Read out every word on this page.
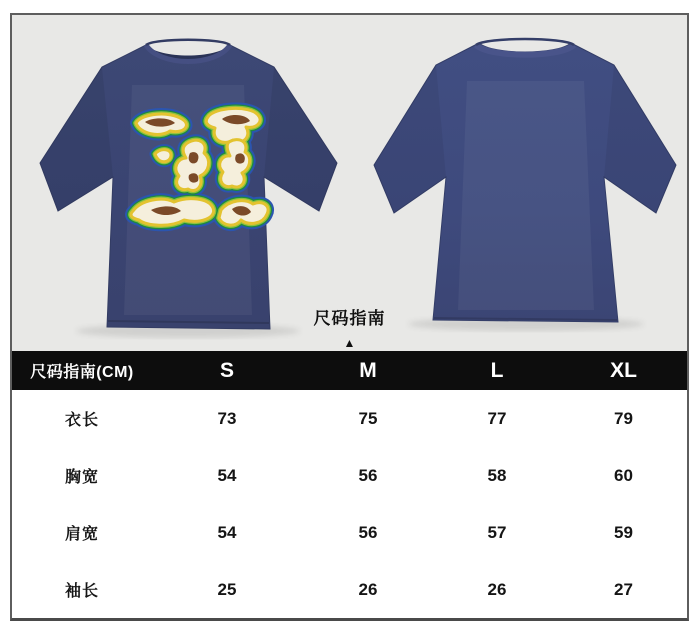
尺码指南
▲
尺码指南(CM)	S	M	L	XL
衣长	73	75	77	79
胸宽	54	56	58	60
肩宽	54	56	57	59
袖长	25	26	26	27
